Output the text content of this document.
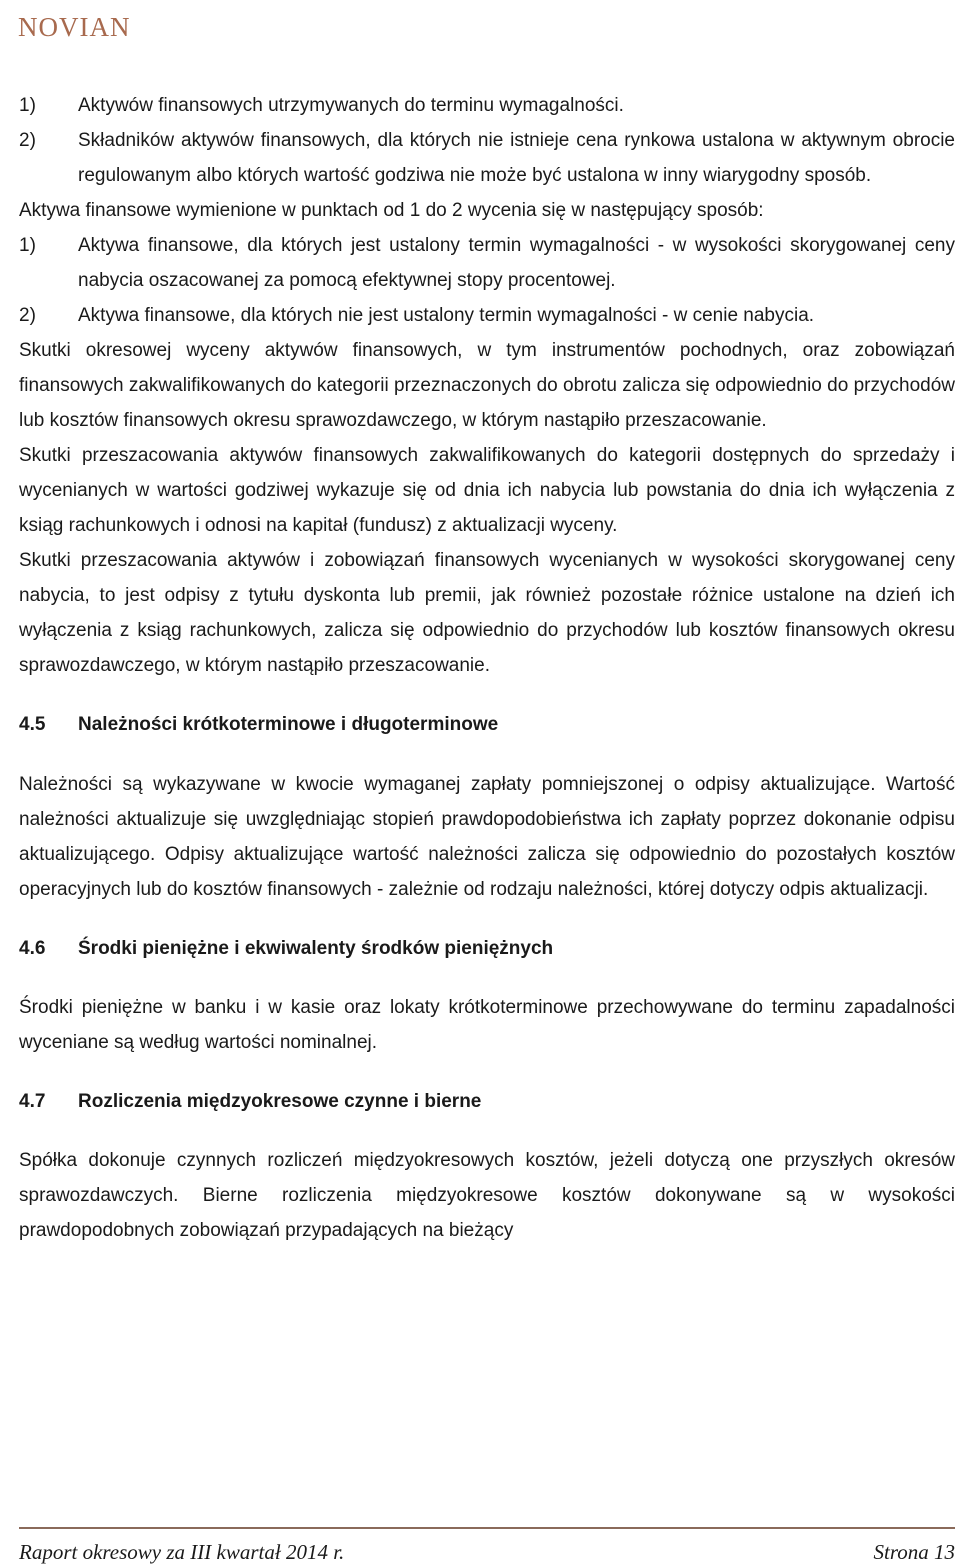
NOVIAN
1)	Aktywów finansowych utrzymywanych do terminu wymagalności.
2)	Składników aktywów finansowych, dla których nie istnieje cena rynkowa ustalona w aktywnym obrocie regulowanym albo których wartość godziwa nie może być ustalona w inny wiarygodny sposób.

Aktywa finansowe wymienione w punktach od 1 do 2 wycenia się w następujący sposób:

1)	Aktywa finansowe, dla których jest ustalony termin wymagalności - w wysokości skorygowanej ceny nabycia oszacowanej za pomocą efektywnej stopy procentowej.
2)	Aktywa finansowe, dla których nie jest ustalony termin wymagalności - w cenie nabycia.

Skutki okresowej wyceny aktywów finansowych, w tym instrumentów pochodnych, oraz zobowiązań finansowych zakwalifikowanych do kategorii przeznaczonych do obrotu zalicza się odpowiednio do przychodów lub kosztów finansowych okresu sprawozdawczego, w którym nastąpiło przeszacowanie.

Skutki przeszacowania aktywów finansowych zakwalifikowanych do kategorii dostępnych do sprzedaży i wycenianych w wartości godziwej wykazuje się od dnia ich nabycia lub powstania do dnia ich wyłączenia z ksiąg rachunkowych i odnosi na kapitał (fundusz) z aktualizacji wyceny.

Skutki przeszacowania aktywów i zobowiązań finansowych wycenianych w wysokości skorygowanej ceny nabycia, to jest odpisy z tytułu dyskonta lub premii, jak również pozostałe różnice ustalone na dzień ich wyłączenia z ksiąg rachunkowych, zalicza się odpowiednio do przychodów lub kosztów finansowych okresu sprawozdawczego, w którym nastąpiło przeszacowanie.

4.5	Należności krótkoterminowe i długoterminowe

Należności są wykazywane w kwocie wymaganej zapłaty pomniejszonej o odpisy aktualizujące. Wartość należności aktualizuje się uwzględniając stopień prawdopodobieństwa ich zapłaty poprzez dokonanie odpisu aktualizującego. Odpisy aktualizujące wartość należności zalicza się odpowiednio do pozostałych kosztów operacyjnych lub do kosztów finansowych - zależnie od rodzaju należności, której dotyczy odpis aktualizacji.

4.6	Środki pieniężne i ekwiwalenty środków pieniężnych

Środki pieniężne w banku i w kasie oraz lokaty krótkoterminowe przechowywane do terminu zapadalności wyceniane są według wartości nominalnej.

4.7	Rozliczenia międzyokresowe czynne i bierne

Spółka dokonuje czynnych rozliczeń międzyokresowych kosztów, jeżeli dotyczą one przyszłych okresów sprawozdawczych. Bierne rozliczenia międzyokresowe kosztów dokonywane są w wysokości prawdopodobnych zobowiązań przypadających na bieżący

Raport okresowy za III kwartał 2014 r.	Strona 13
